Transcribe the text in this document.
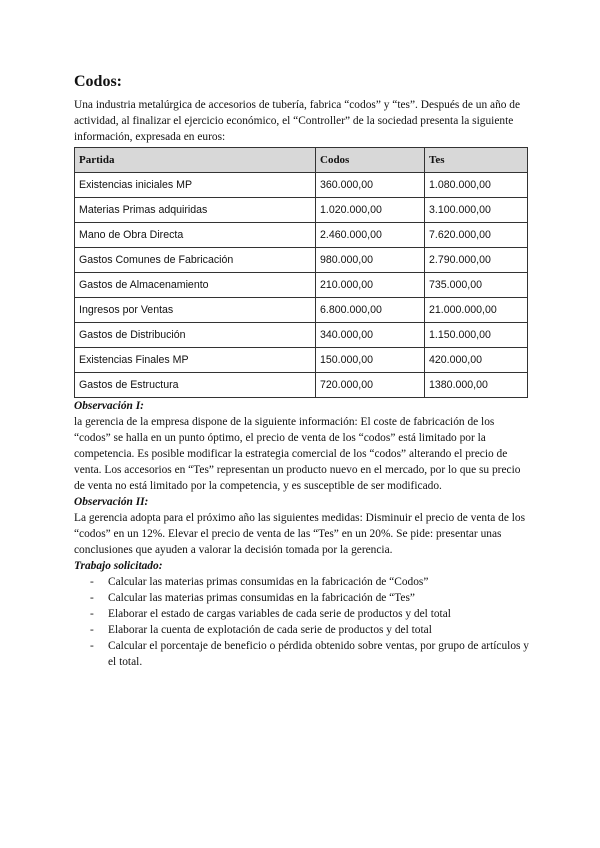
Codos:

Una industria metalúrgica de accesorios de tubería, fabrica “codos” y “tes”. Después de un año de actividad, al finalizar el ejercicio económico, el “Controller” de la sociedad presenta la siguiente información, expresada en euros:

Partida	Codos	Tes
Existencias iniciales MP	360.000,00	1.080.000,00
Materias Primas adquiridas	1.020.000,00	3.100.000,00
Mano de Obra Directa	2.460.000,00	7.620.000,00
Gastos Comunes de Fabricación	980.000,00	2.790.000,00
Gastos de Almacenamiento	210.000,00	735.000,00
Ingresos por Ventas	6.800.000,00	21.000.000,00
Gastos de Distribución	340.000,00	1.150.000,00
Existencias Finales MP	150.000,00	420.000,00
Gastos de Estructura	720.000,00	1380.000,00
Observación I:

la gerencia de la empresa dispone de la siguiente información: El coste de fabricación de los “codos” se halla en un punto óptimo, el precio de venta de los “codos” está limitado por la competencia. Es posible modificar la estrategia comercial de los “codos” alterando el precio de venta. Los accesorios en “Tes” representan un producto nuevo en el mercado, por lo que su precio de venta no está limitado por la competencia, y es susceptible de ser modificado.

Observación II:

La gerencia adopta para el próximo año las siguientes medidas: Disminuir el precio de venta de los “codos” en un 12%. Elevar el precio de venta de las “Tes” en un 20%. Se pide: presentar unas conclusiones que ayuden a valorar la decisión tomada por la gerencia.

Trabajo solicitado:
- Calcular las materias primas consumidas en la fabricación de “Codos”
- Calcular las materias primas consumidas en la fabricación de “Tes”
- Elaborar el estado de cargas variables de cada serie de productos y del total
- Elaborar la cuenta de explotación de cada serie de productos y del total
- Calcular el porcentaje de beneficio o pérdida obtenido sobre ventas, por grupo de artículos y el total.
